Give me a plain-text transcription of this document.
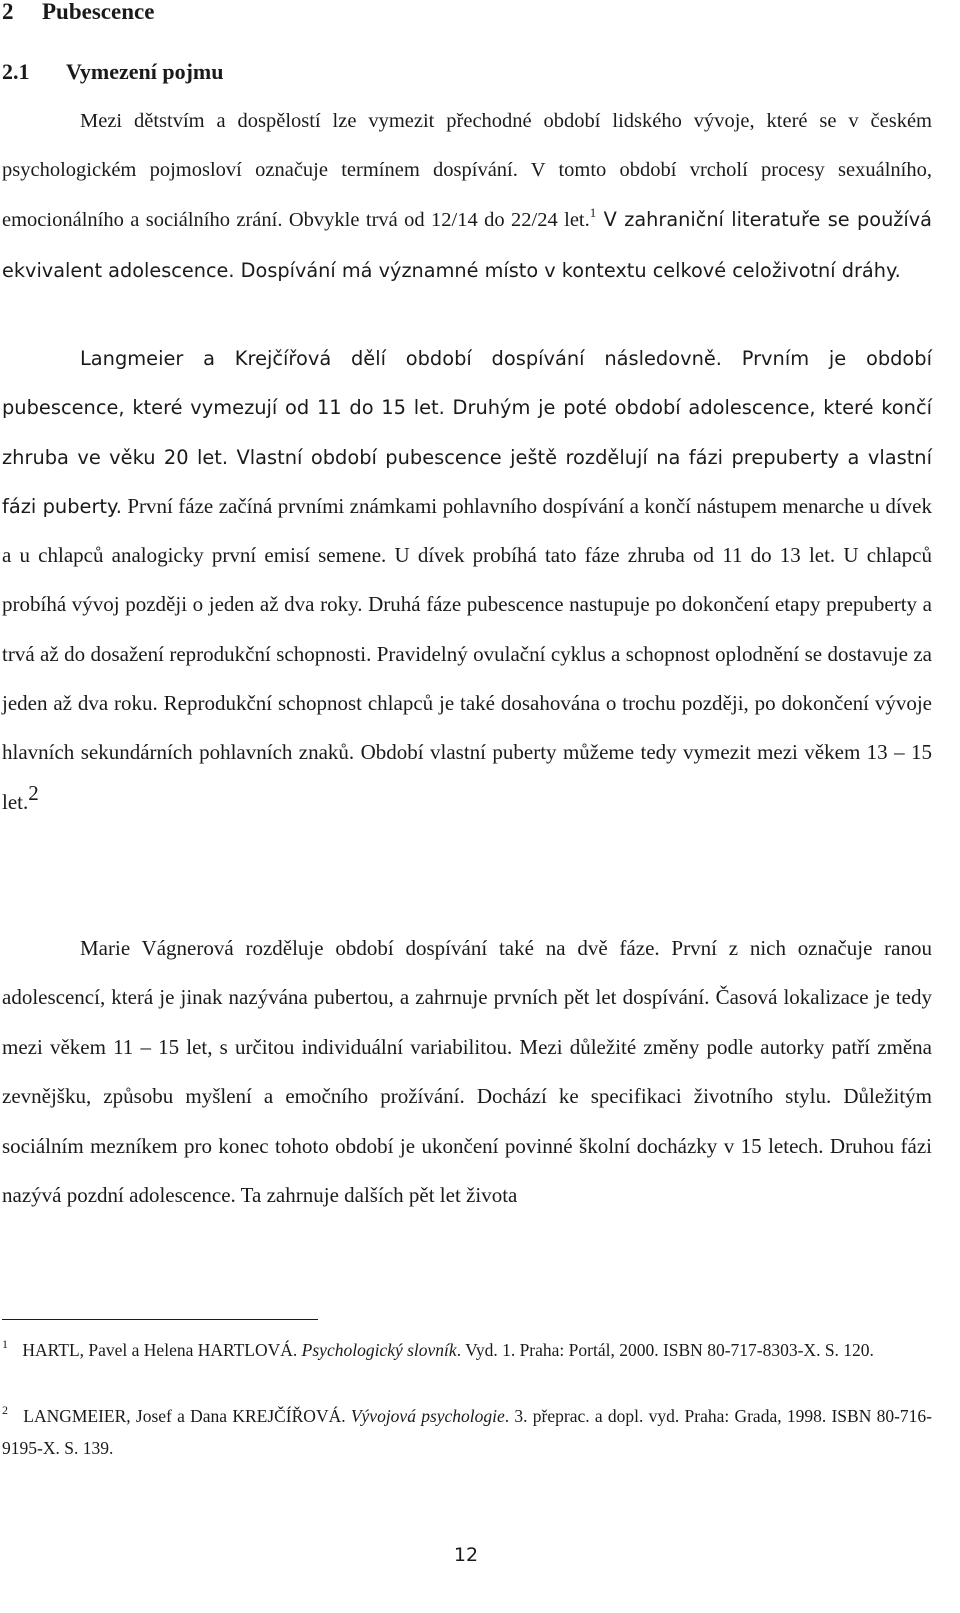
2 Pubescence
2.1 Vymezení pojmu

Mezi dětstvím a dospělostí lze vymezit přechodné období lidského vývoje, které se v českém psychologickém pojmosloví označuje termínem dospívání. V tomto období vrcholí procesy sexuálního, emocionálního a sociálního zrání. Obvykle trvá od 12/14 do 22/24 let.$^1$ V zahraniční literatuře se používá ekvivalent adolescence. Dospívání má významné místo v kontextu celkové celoživotní dráhy.

Langmeier a Krejčířová dělí období dospívání následovně. Prvním je období pubescence, které vymezují od 11 do 15 let. Druhým je poté období adolescence, které končí zhruba ve věku 20 let. Vlastní období pubescence ještě rozdělují na fázi prepuberty a vlastní fázi puberty. První fáze začíná prvními známkami pohlavního dospívání a končí nástupem menarche u dívek a u chlapců analogicky první emisí semene. U dívek probíhá tato fáze zhruba od 11 do 13 let. U chlapců probíhá vývoj později o jeden až dva roky. Druhá fáze pubescence nastupuje po dokončení etapy prepuberty a trvá až do dosažení reprodukční schopnosti. Pravidelný ovulační cyklus a schopnost oplodnění se dostavuje za jeden až dva roku. Reprodukční schopnost chlapců je také dosahována o trochu později, po dokončení vývoje hlavních sekundárních pohlavních znaků. Období vlastní puberty můžeme tedy vymezit mezi věkem 13 – 15 let.$^2$

Marie Vágnerová rozděluje období dospívání také na dvě fáze. První z nich označuje ranou adolescencí, která je jinak nazývána pubertou, a zahrnuje prvních pět let dospívání. Časová lokalizace je tedy mezi věkem 11 – 15 let, s určitou individuální variabilitou. Mezi důležité změny podle autorky patří změna zevnějšku, způsobu myšlení a emočního prožívání. Dochází ke specifikaci životního stylu. Důležitým sociálním mezníkem pro konec tohoto období je ukončení povinné školní docházky v 15 letech. Druhou fázi nazývá pozdní adolescence. Ta zahrnuje dalších pět let života

$^1$ HARTL, Pavel a Helena HARTLOVÁ. Psychologický slovník. Vyd. 1. Praha: Portál, 2000. ISBN 80-717-8303-X. S. 120.

$^2$ LANGMEIER, Josef a Dana KREJČÍŘOVÁ. Vývojová psychologie. 3. přeprac. a dopl. vyd. Praha: Grada, 1998. ISBN 80-716-9195-X. S. 139.

12
